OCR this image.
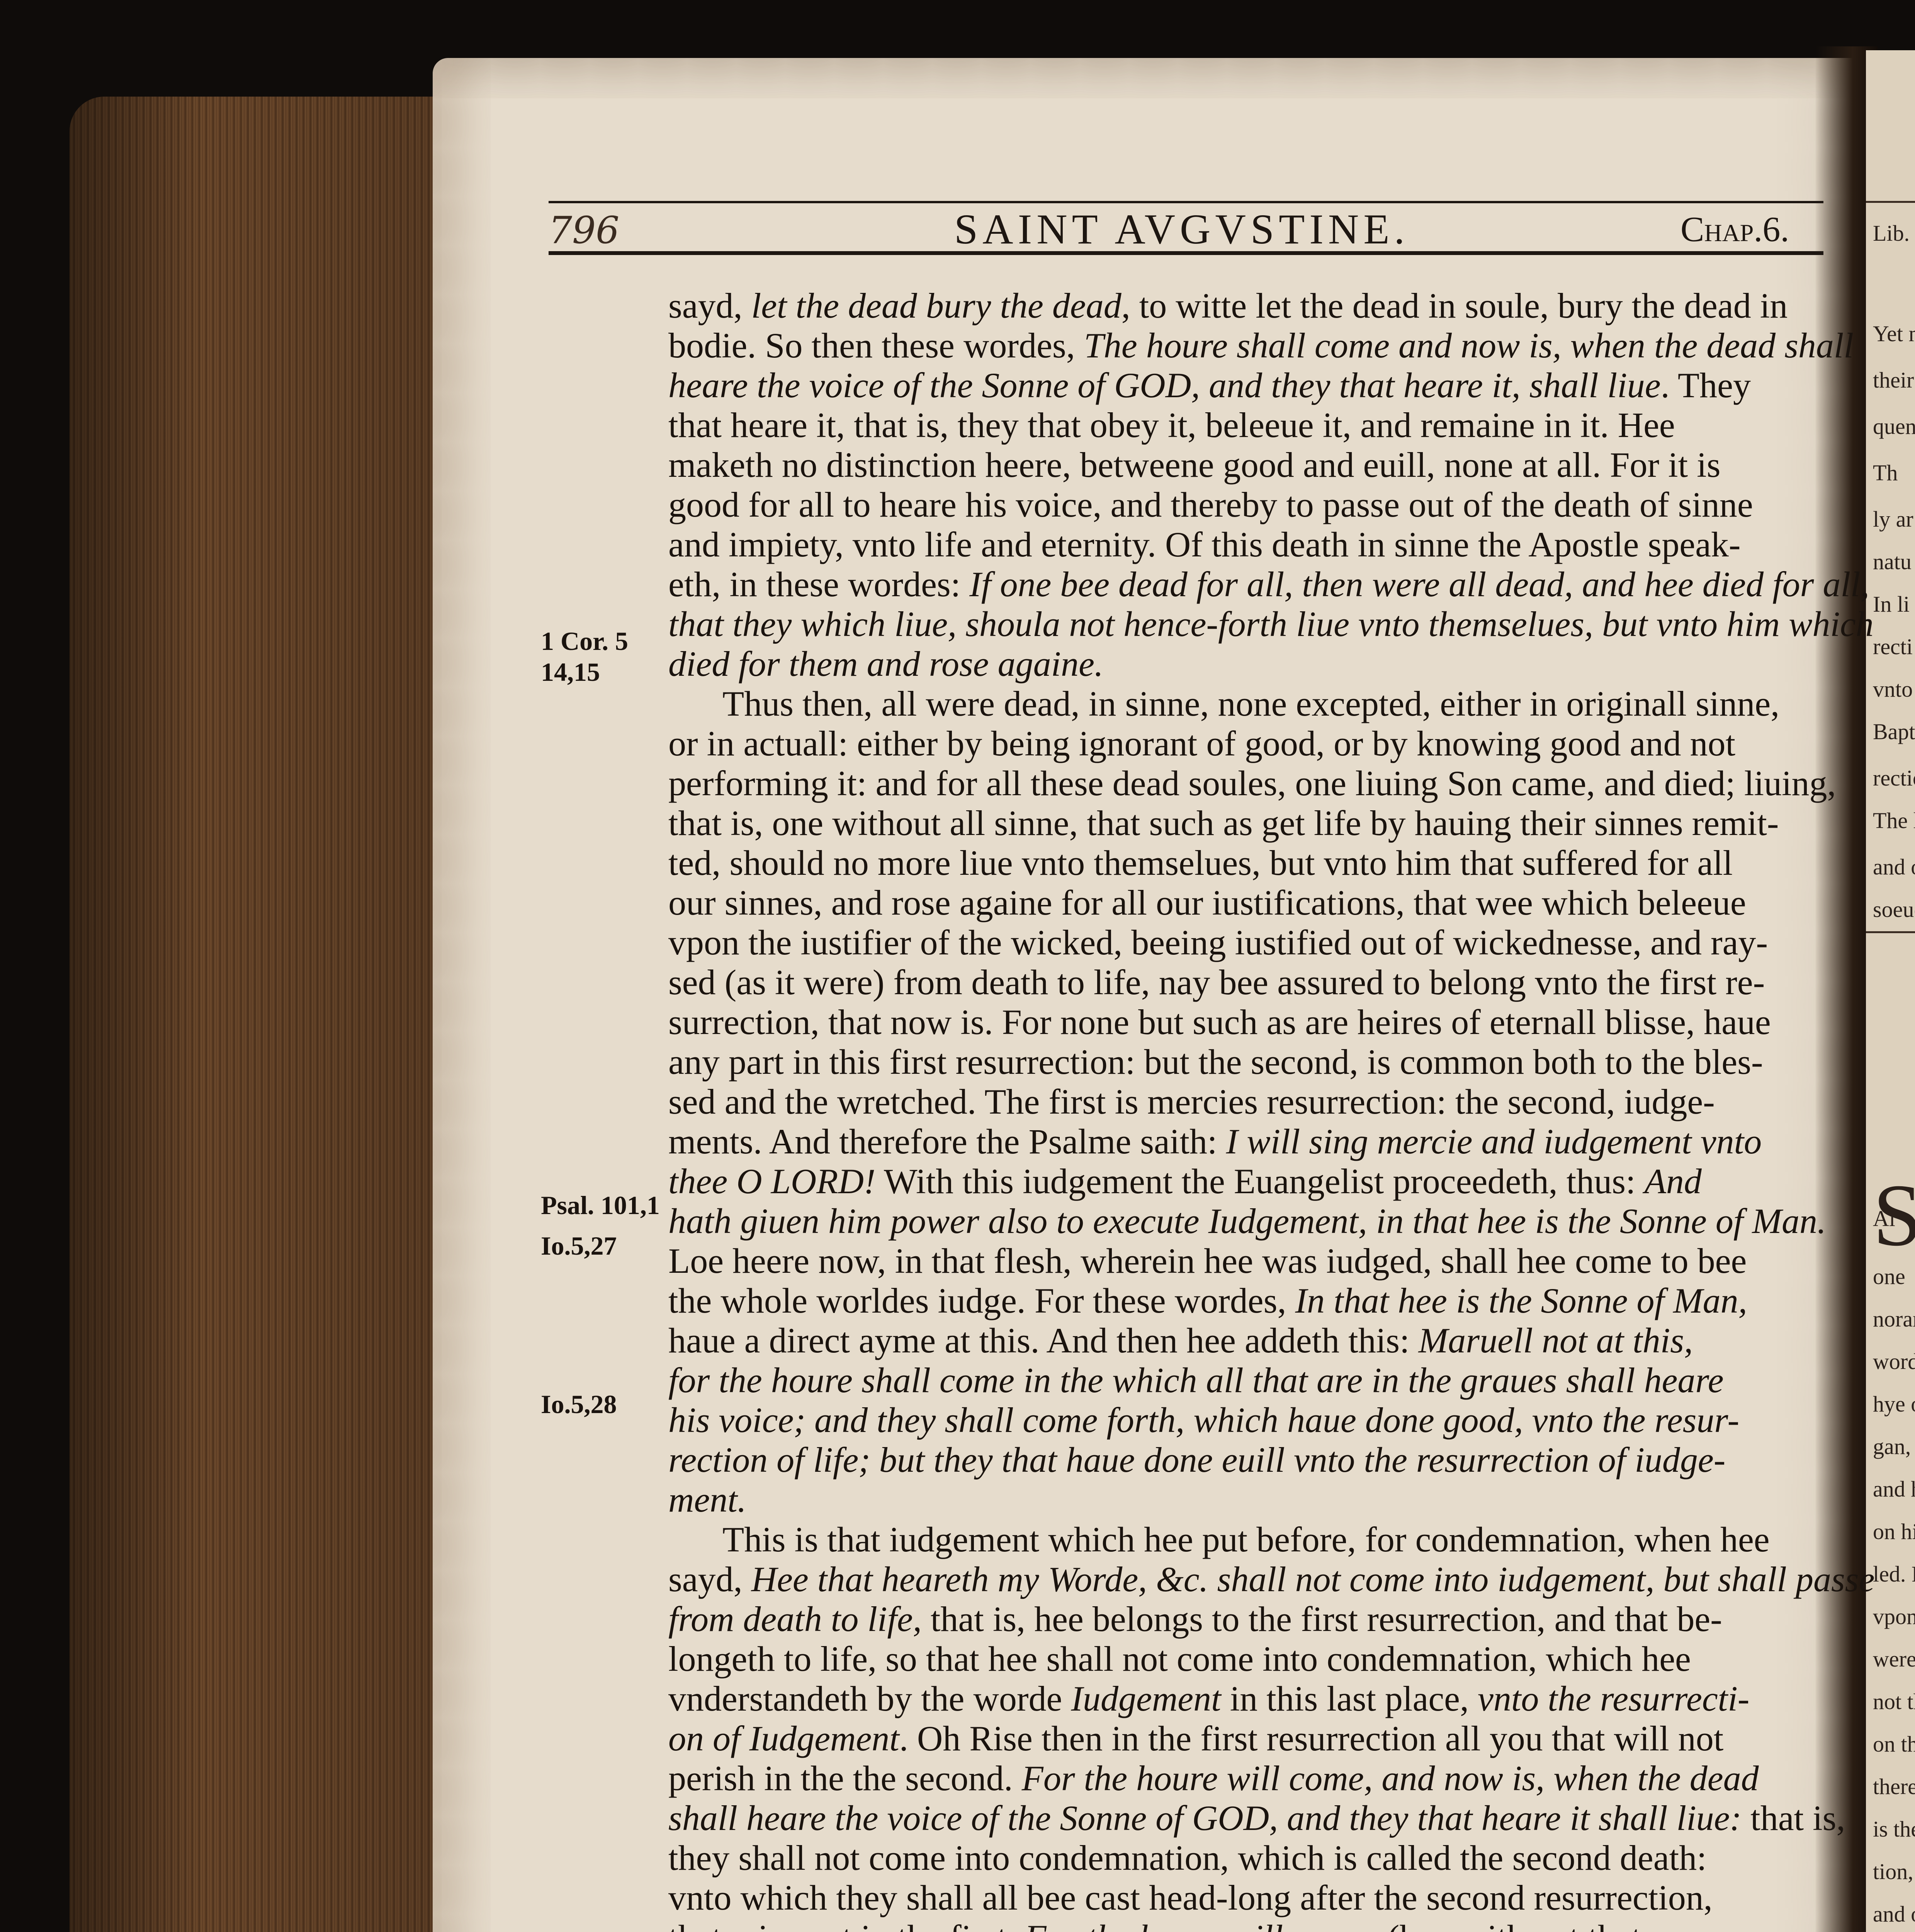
Lib.
Yet
their
quen
Th
ly ar
natu
In li
recti
vnto
Bapt
recti
The
and
soeu
S
Ai
one
nora
word
hye
gan,
and
on h
led.
vpon
were
not t
on th
there
is th
tion,
and
796	SAINT AVGVSTINE.	Chap.6.
1 Cor. 5
14,15
Psal. 101,1
Io.5,27
Io.5,28
sayd, let the dead bury the dead, to witte let the dead in soule, bury the dead in
bodie. So then these wordes, The houre shall come and now is, when the dead shall
heare the voice of the Sonne of GOD, and they that heare it, shall liue. They
that heare it, that is, they that obey it, beleeue it, and remaine in it. Hee
maketh no distinction heere, betweene good and euill, none at all. For it is
good for all to heare his voice, and thereby to passe out of the death of sinne
and impiety, vnto life and eternity. Of this death in sinne the Apostle speak-
eth, in these wordes: If one bee dead for all, then were all dead, and hee died for all,
that they which liue, shoula not hence-forth liue vnto themselues, but vnto him which
died for them and rose againe.
Thus then, all were dead, in sinne, none excepted, either in originall sinne,
or in actuall: either by being ignorant of good, or by knowing good and not
performing it: and for all these dead soules, one liuing Son came, and died; liuing,
that is, one without all sinne, that such as get life by hauing their sinnes remit-
ted, should no more liue vnto themselues, but vnto him that suffered for all
our sinnes, and rose againe for all our iustifications, that wee which beleeue
vpon the iustifier of the wicked, beeing iustified out of wickednesse, and ray-
sed (as it were) from death to life, nay bee assured to belong vnto the first re-
surrection, that now is. For none but such as are heires of eternall blisse, haue
any part in this first resurrection: but the second, is common both to the bles-
sed and the wretched. The first is mercies resurrection: the second, iudge-
ments. And therefore the Psalme saith: I will sing mercie and iudgement vnto
thee O LORD! With this iudgement the Euangelist proceedeth, thus: And
hath giuen him power also to execute Iudgement, in that hee is the Sonne of Man.
Loe heere now, in that flesh, wherein hee was iudged, shall hee come to bee
the whole worldes iudge. For these wordes, In that hee is the Sonne of Man,
haue a direct ayme at this. And then hee addeth this: Maruell not at this,
for the houre shall come in the which all that are in the graues shall heare
his voice; and they shall come forth, which haue done good, vnto the resur-
rection of life; but they that haue done euill vnto the resurrection of iudge-
ment.
This is that iudgement which hee put before, for condemnation, when hee
sayd, Hee that heareth my Worde, &c. shall not come into iudgement, but shall passe
from death to life, that is, hee belongs to the first resurrection, and that be-
longeth to life, so that hee shall not come into condemnation, which hee
vnderstandeth by the worde Iudgement in this last place, vnto the resurrecti-
on of Iudgement. Oh Rise then in the first resurrection all you that will not
perish in the the second. For the houre will come, and now is, when the dead
shall heare the voice of the Sonne of GOD, and they that heare it shall liue: that is,
they shall not come into condemnation, which is called the second death:
vnto which they shall all bee cast head-long after the second resurrection,
